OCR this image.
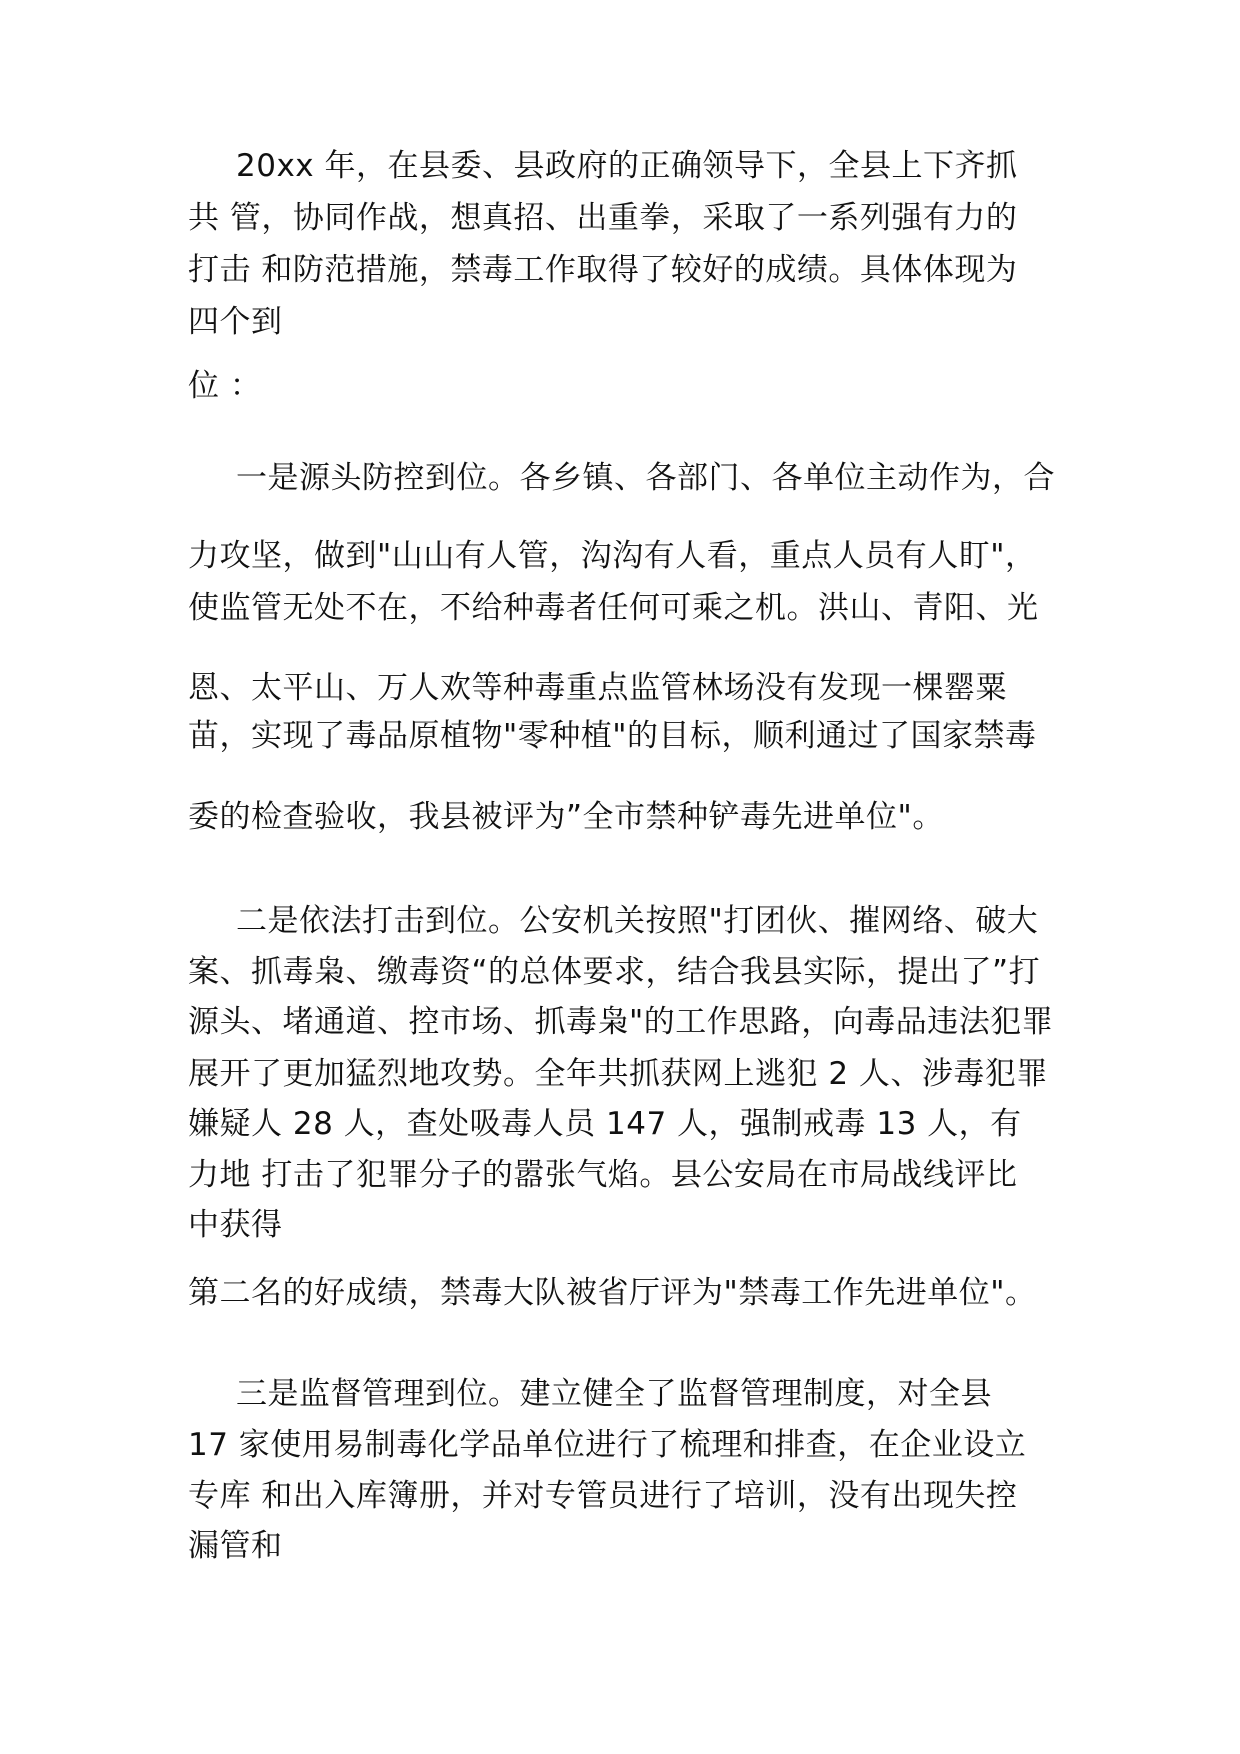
20xx 年，在县委、县政府的正确领导下，全县上下齐抓
共 管，协同作战，想真招、出重拳，采取了一系列强有力的
打击 和防范措施，禁毒工作取得了较好的成绩。具体体现为
四个到
位 ：
一是源头防控到位。各乡镇、各部门、各单位主动作为，合
力攻坚，做到"山山有人管，沟沟有人看，重点人员有人盯"，
使监管无处不在，不给种毒者任何可乘之机。洪山、青阳、光
恩、太平山、万人欢等种毒重点监管林场没有发现一棵罂粟
苗，实现了毒品原植物"零种植"的目标，顺利通过了国家禁毒
委的检查验收，我县被评为”全市禁种铲毒先进单位"。
二是依法打击到位。公安机关按照"打团伙、摧网络、破大
案、抓毒枭、缴毒资“的总体要求，结合我县实际，提出了”打
源头、堵通道、控市场、抓毒枭"的工作思路，向毒品违法犯罪
展开了更加猛烈地攻势。全年共抓获网上逃犯 2 人、涉毒犯罪
嫌疑人 28 人，查处吸毒人员 147 人，强制戒毒 13 人，有
力地 打击了犯罪分子的嚣张气焰。县公安局在市局战线评比
中获得
第二名的好成绩，禁毒大队被省厅评为"禁毒工作先进单位"。
三是监督管理到位。建立健全了监督管理制度，对全县
17 家使用易制毒化学品单位进行了梳理和排查，在企业设立
专库 和出入库簿册，并对专管员进行了培训，没有出现失控
漏管和
